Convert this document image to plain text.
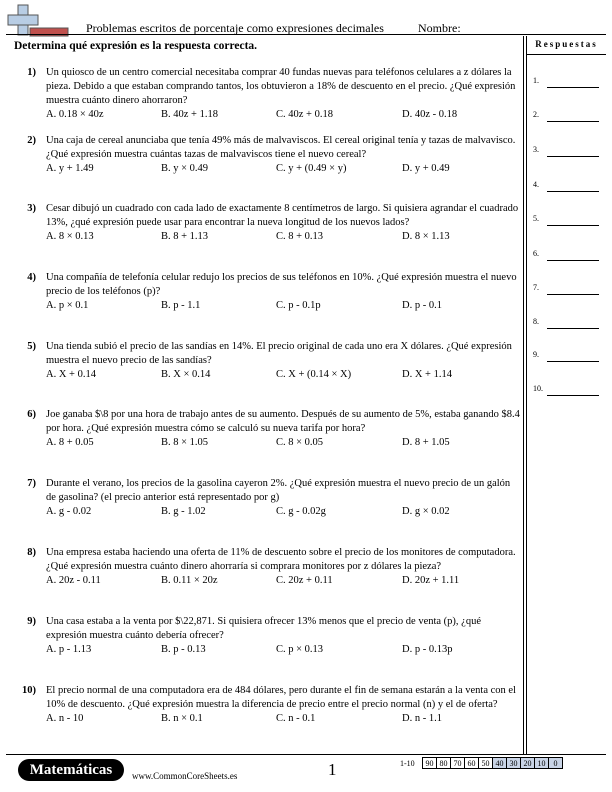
Problemas escritos de porcentaje como expresiones decimales	Nombre:
Determina qué expresión es la respuesta correcta.	Respuestas
1.
2.
3.
4.
5.
6.
7.
8.
9.
10.
1) Un quiosco de un centro comercial necesitaba comprar 40 fundas nuevas para teléfonos celulares a z dólares la pieza. Debido a que estaban comprando tantos, los obtuvieron a 18% de descuento en el precio. ¿Qué expresión muestra cuánto dinero ahorraron?
A. 0.18 × 40z	B. 40z + 1.18	C. 40z + 0.18	D. 40z - 0.18
2) Una caja de cereal anunciaba que tenía 49% más de malvaviscos. El cereal original tenía y tazas de malvavisco. ¿Qué expresión muestra cuántas tazas de malvaviscos tiene el nuevo cereal?
A. y + 1.49	B. y × 0.49	C. y + (0.49 × y)	D. y + 0.49
3) Cesar dibujó un cuadrado con cada lado de exactamente 8 centímetros de largo. Si quisiera agrandar el cuadrado 13%, ¿qué expresión puede usar para encontrar la nueva longitud de los nuevos lados?
A. 8 × 0.13	B. 8 + 1.13	C. 8 + 0.13	D. 8 × 1.13
4) Una compañía de telefonía celular redujo los precios de sus teléfonos en 10%. ¿Qué expresión muestra el nuevo precio de los teléfonos (p)?
A. p × 0.1	B. p - 1.1	C. p - 0.1p	D. p - 0.1
5) Una tienda subió el precio de las sandías en 14%. El precio original de cada uno era X dólares. ¿Qué expresión muestra el nuevo precio de las sandías?
A. X + 0.14	B. X × 0.14	C. X + (0.14 × X)	D. X + 1.14
6) Joe ganaba $\8 por una hora de trabajo antes de su aumento. Después de su aumento de 5%, estaba ganando $8.4 por hora. ¿Qué expresión muestra cómo se calculó su nueva tarifa por hora?
A. 8 + 0.05	B. 8 × 1.05	C. 8 × 0.05	D. 8 + 1.05
7) Durante el verano, los precios de la gasolina cayeron 2%. ¿Qué expresión muestra el nuevo precio de un galón de gasolina? (el precio anterior está representado por g)
A. g - 0.02	B. g - 1.02	C. g - 0.02g	D. g × 0.02
8) Una empresa estaba haciendo una oferta de 11% de descuento sobre el precio de los monitores de computadora. ¿Qué expresión muestra cuánto dinero ahorraría si comprara monitores por z dólares la pieza?
A. 20z - 0.11	B. 0.11 × 20z	C. 20z + 0.11	D. 20z + 1.11
9) Una casa estaba a la venta por $\22,871. Si quisiera ofrecer 13% menos que el precio de venta (p), ¿qué expresión muestra cuánto debería ofrecer?
A. p - 1.13	B. p - 0.13	C. p × 0.13	D. p - 0.13p
10) El precio normal de una computadora era de 484 dólares, pero durante el fin de semana estarán a la venta con el 10% de descuento. ¿Qué expresión muestra la diferencia de precio entre el precio normal (n) y el de oferta?
A. n - 10	B. n × 0.1	C. n - 0.1	D. n - 1.1
Matemáticas	www.CommonCoreSheets.es	1	1-10 90	80	70	60	50	40	30	20	10	0
